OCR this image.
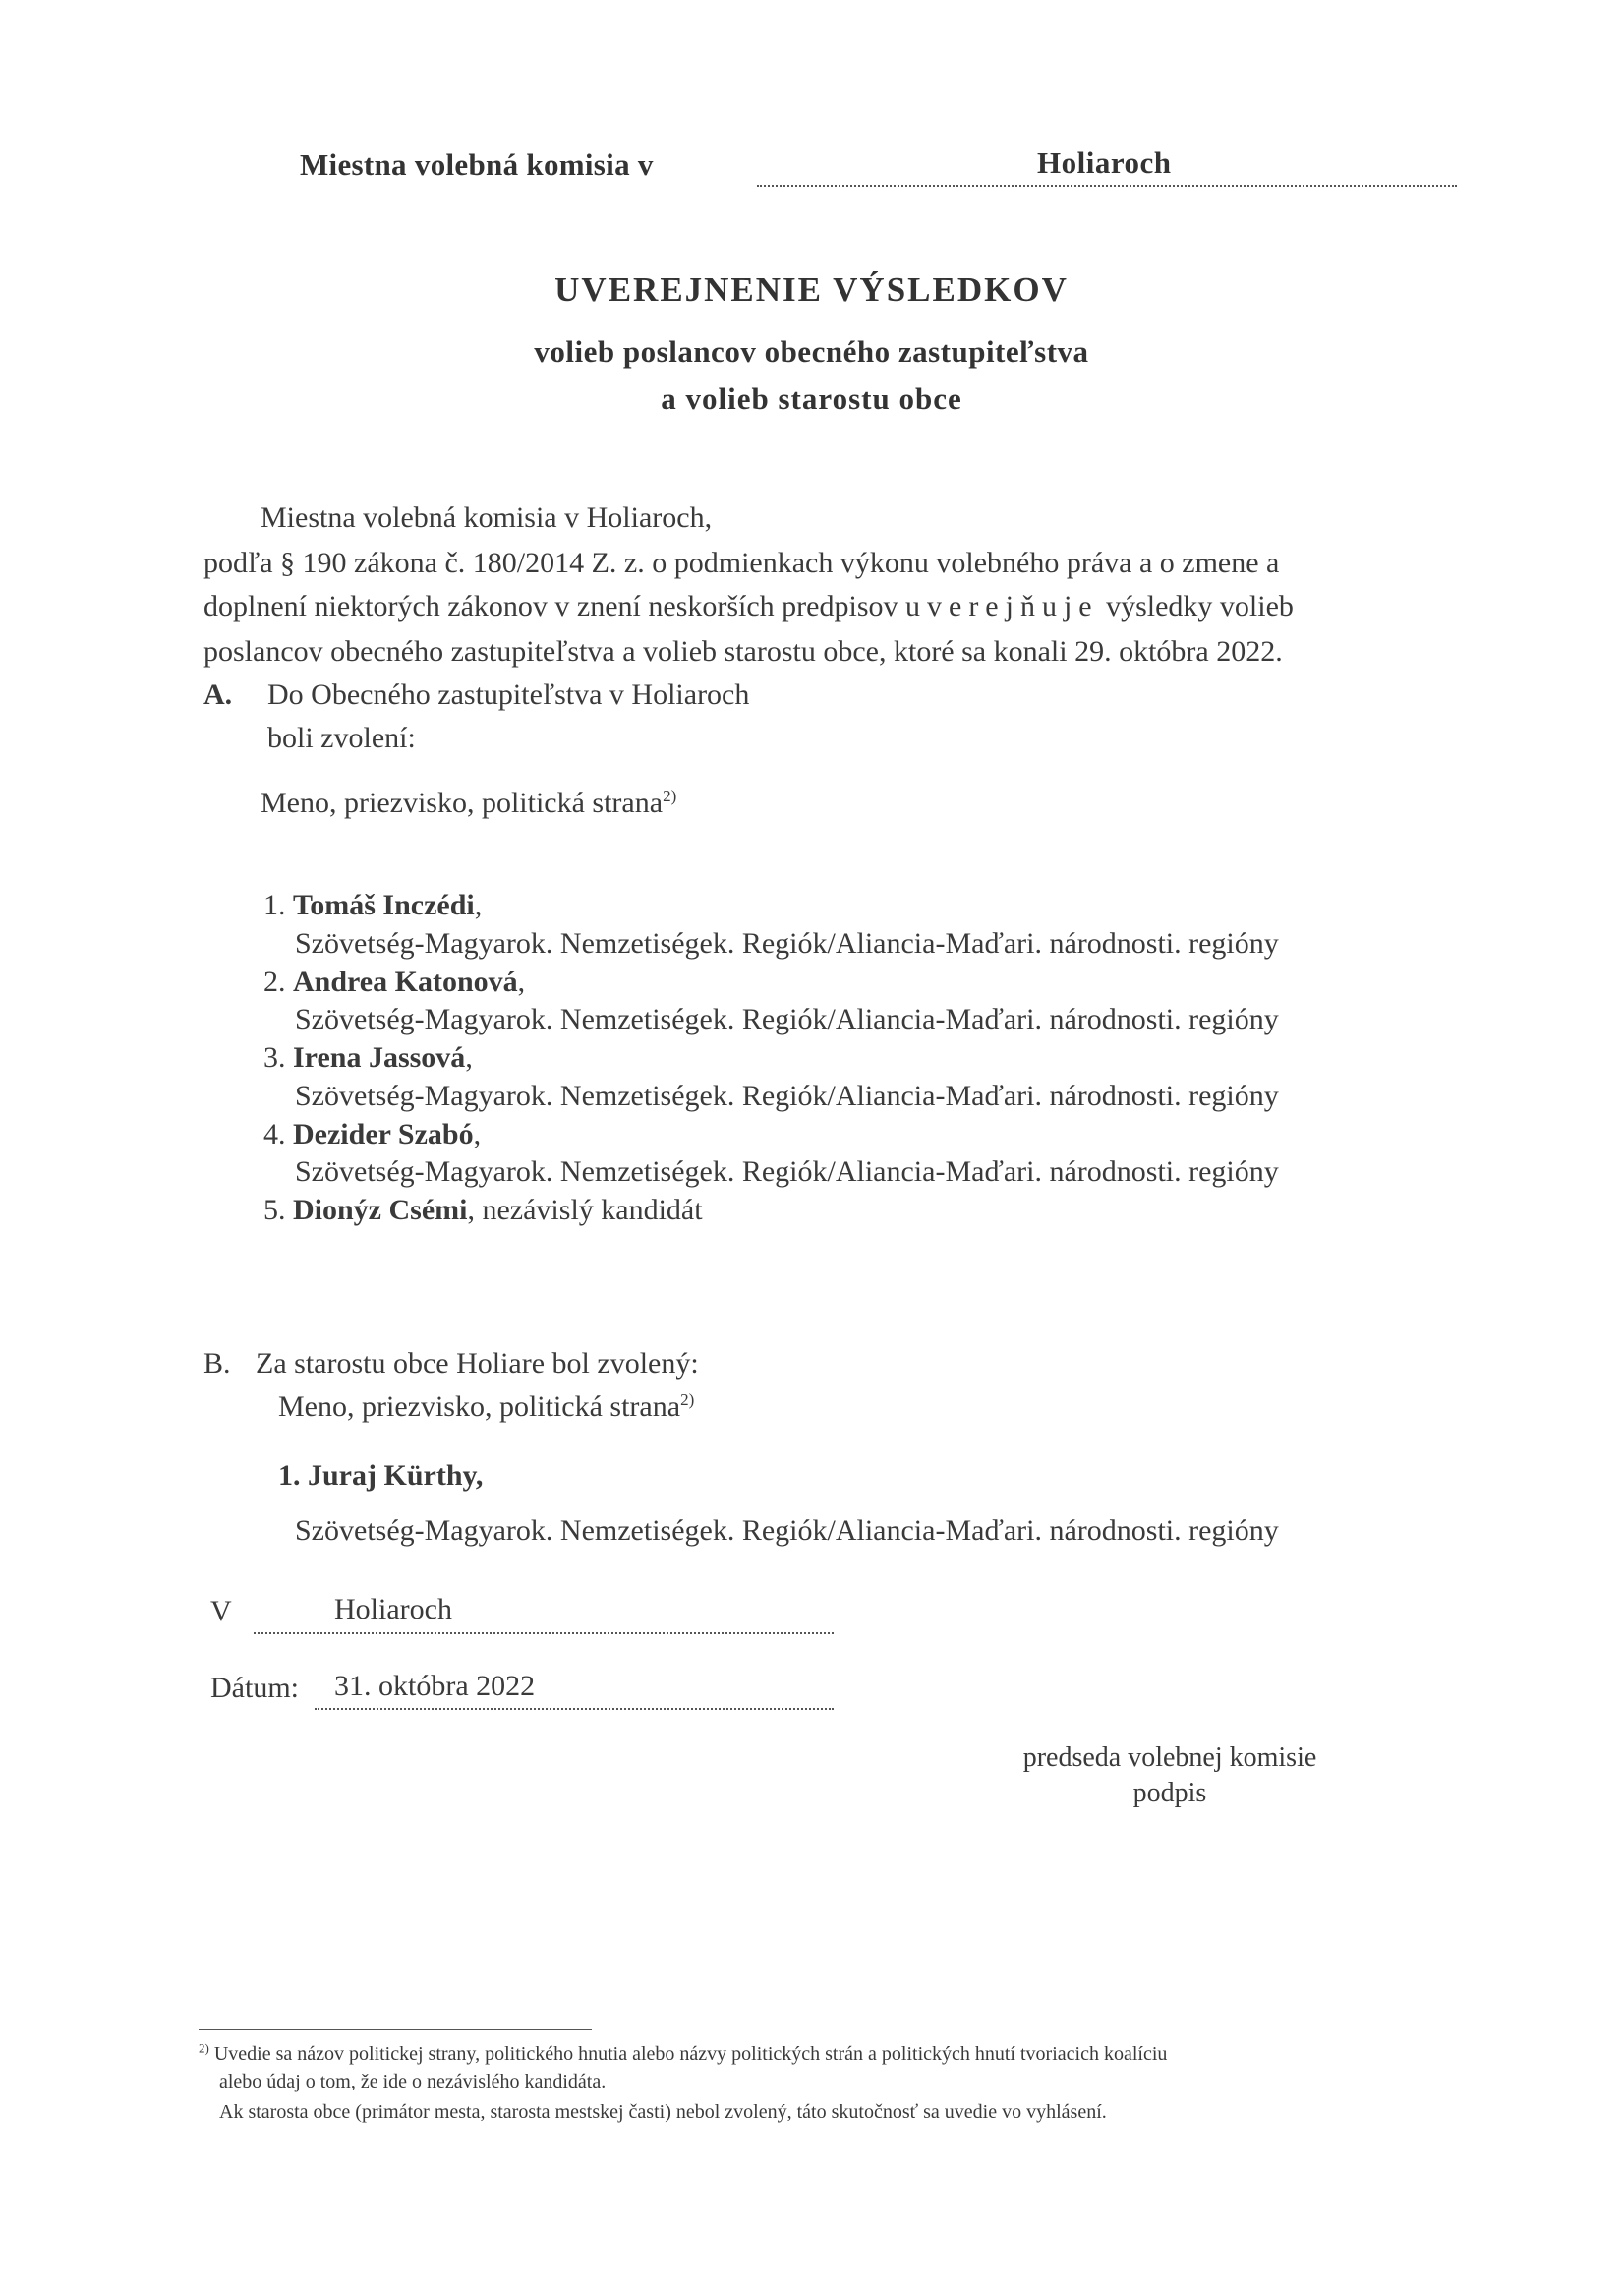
Miestna volebná komisia v	Holiaroch
UVEREJNENIE VÝSLEDKOV
volieb poslancov obecného zastupiteľstva
a volieb starostu obce
Miestna volebná komisia v Holiaroch,
podľa § 190 zákona č. 180/2014 Z. z. o podmienkach výkonu volebného práva a o zmene a
doplnení niektorých zákonov v znení neskorších predpisov uverejňuje výsledky volieb
poslancov obecného zastupiteľstva a volieb starostu obce, ktoré sa konali 29. októbra 2022.
A. Do Obecného zastupiteľstva v Holiaroch
boli zvolení:
Meno, priezvisko, politická strana$^{2)}$
1. Tomáš Inczédi,
Szövetség-Magyarok. Nemzetiségek. Regiók/Aliancia-Maďari. národnosti. regióny
2. Andrea Katonová,
Szövetség-Magyarok. Nemzetiségek. Regiók/Aliancia-Maďari. národnosti. regióny
3. Irena Jassová,
Szövetség-Magyarok. Nemzetiségek. Regiók/Aliancia-Maďari. národnosti. regióny
4. Dezider Szabó,
Szövetség-Magyarok. Nemzetiségek. Regiók/Aliancia-Maďari. národnosti. regióny
5. Dionýz Csémi, nezávislý kandidát
B. Za starostu obce Holiare bol zvolený:
Meno, priezvisko, politická strana$^{2)}$
1. Juraj Kürthy,
Szövetség-Magyarok. Nemzetiségek. Regiók/Aliancia-Maďari. národnosti. regióny
V	Holiaroch
Dátum: 31. októbra 2022
predseda volebnej komisie
podpis
$^{2)}$ Uvedie sa názov politickej strany, politického hnutia alebo názvy politických strán a politických hnutí tvoriacich koalíciu
alebo údaj o tom, že ide o nezávislého kandidáta.
Ak starosta obce (primátor mesta, starosta mestskej časti) nebol zvolený, táto skutočnosť sa uvedie vo vyhlásení.
